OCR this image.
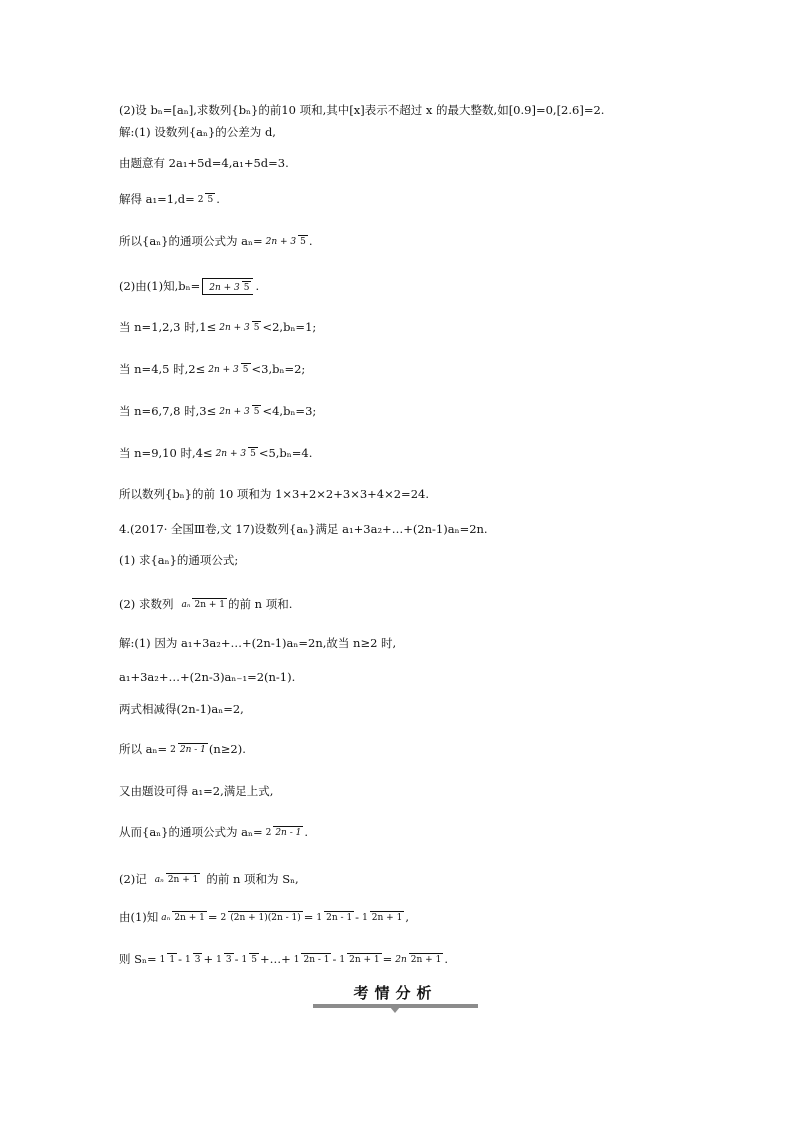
(2)设 bₙ=[aₙ],求数列{bₙ}的前10 项和,其中[x]表示不超过 x 的最大整数,如[0.9]=0,[2.6]=2.
解:(1) 设数列{aₙ}的公差为 d,
由题意有 2a₁+5d=4,a₁+5d=3.
解得 a₁=1,d= 2 5 .
所以{aₙ}的通项公式为 aₙ= 2n + 3 5 .
(2)由(1)知,bₙ=	2n + 3 5 .
当 n=1,2,3 时,1≤ 2n + 3 5 <2,bₙ=1;
当 n=4,5 时,2≤ 2n + 3 5 <3,bₙ=2;
当 n=6,7,8 时,3≤ 2n + 3 5 <4,bₙ=3;
当 n=9,10 时,4≤ 2n + 3 5 <5,bₙ=4.
所以数列{bₙ}的前 10 项和为 1×3+2×2+3×3+4×2=24.
4.(2017· 全国Ⅲ卷,文 17)设数列{aₙ}满足 a₁+3a₂+…+(2n-1)aₙ=2n.
(1) 求{aₙ}的通项公式;
(2) 求数列 aₙ 2n + 1 的前 n 项和.
解:(1) 因为 a₁+3a₂+…+(2n-1)aₙ=2n,故当 n≥2 时,
a₁+3a₂+…+(2n-3)aₙ₋₁=2(n-1).
两式相减得(2n-1)aₙ=2,
所以 aₙ= 2 2n - 1 (n≥2).
又由题设可得 a₁=2,满足上式,
从而{aₙ}的通项公式为 aₙ= 2 2n - 1 .
(2)记 aₙ 2n + 1 的前 n 项和为 Sₙ,
由(1)知 aₙ 2n + 1 = 2 (2n + 1)(2n - 1) = 1 2n - 1 - 1 2n + 1 ,
则 Sₙ= 1 1 - 1 3 + 1 3 - 1 5 +…+ 1 2n - 1 - 1 2n + 1 = 2n 2n + 1 .
考情分析
